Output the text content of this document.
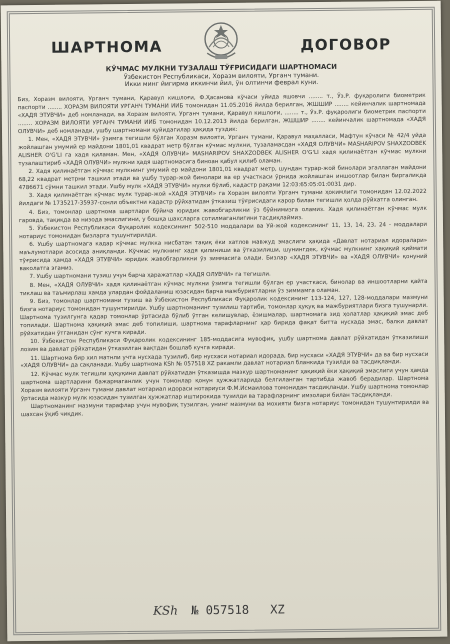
ШАРТНОМА	ДОГОВОР
КЎЧМАС МУЛКНИ ТУЗАЛАШ ТЎҒРИСИДАГИ ШАРТНОМАСИ
Ўзбекистон Республикаси, Хоразм вилояти, Урганч тумани.
Икки минг йигирма иккинчи йил, ўн олтинчи феврал куни.

Биз, Хоразм вилояти, Урганч тумани, Қаравул кишлоғи, Ф.Ҳасанова кўчаси уйида яшовчи ........ т., Ўз.Р. фуқаролиги биометрик паспорти ........ ХОРАЗМ ВИЛОЯТИ УРГАНЧ ТУМАНИ ИИБ томонидан 11.05.2016 йилда берилган, ЖШШИР ........ кейинчалик шартномада «ХАДЯ ЭТУВЧИ» деб номланади, ва Хоразм вилояти, Урганч тумани, Қаравул кишлоғи, ........ т., Ўз.Р. фуқаролиги биометрик паспорти ........ ХОРАЗМ ВИЛОЯТИ УРГАНЧ ТУМАНИ ИИБ томонидан 10.12.2013 йилда берилган, ЖШШИР ........ кейинчалик шартномада «ХАДЯ ОЛУВЧИ» деб номланади, ушбу шартномани қуйидагилар ҳақида туздик:

1. Мен, «ХАДЯ ЭТУВЧИ» ўзимга тегишли бўлган Хоразм вилояти, Урганч тумани, Қаравул маҳалласи, Мафтун кўчаси № 42/4 уйда жойлашган умумий ер майдони 1801,01 квадрат метр бўлган кўчмас мулкни, тузаламасдан «ХАДЯ ОЛУВЧИ» MASHARIPOV SHAXZODBEK ALISHER O'G'LI га хадя қиламан. Мен, «ХАДЯ ОЛУВЧИ» MASHARIPOV SHAXZODBEK ALISHER O'G'LI хадя қилинаётган кўчмас мулкни тузалаштириб «ХАДЯ ОЛУВЧИ» мулкни ҳадя шартномасига биноан қабул қилиб оламан.

2. Хадя қилинаётган кўчмас мулкнинг умумий ер майдони 1801,01 квадрат метр, шундан турар-жой бинолари эгаллаган майдони 68,22 квадрат метрни ташкил этади ва ушбу турар-жой бинолари ва ер участкаси ўрнида жойлашган иншоотлар билан биргаликда 4786671 сўмни ташкил этади. Ушбу мулк «ХАДЯ ЭТУВЧИ» мулки бўлиб, кадастр рақами 12:03:65:05:01:0031 дир.

3. Хадя қилинаётган кўчмас мулк турар-жой «ХАДЯ ЭТУВЧИ» га Хоразм вилояти Урганч тумани ҳокимлиги томонидан 12.02.2022 йилдаги № 1735217-35937-сонли объектни кадастр рўйхатидан ўтказиш тўғрисидаги карор билан тегишли ҳолда рўйхатга олинган.

4. Биз, томонлар шартнома шартлари бўйича юридик жавобгарликни ўз бўйнимизга оламиз. Хадя қилинаётган кўчмас мулк гаровда, тақиқда ва низода эмаслигини, у бошқа шахсларга сотилмаганлигини тасдиқлаймиз.

5. Ўзбекистон Республикаси Фуқаролик кодексининг 502-510 моддалари ва Уй-жой кодексининг 11, 13, 14, 23, 24 - моддалари нотариус томонидан бизларга тушунтирилди.

6. Ушбу шартномага кадар кўчмас мулкка нисбатан тақиқ ёки хатлов мавжуд эмаслиги ҳақида «Давлат нотариал идоралари» маълумотлари асосида аниқланди. Кўчмас мулкнинг хадя қилиниши ва ўтказилиши, шунингдек, кўчмас мулкнинг хақиқий қиймати тўғрисида ҳамда «ХАДЯ ЭТУВЧИ» юридик жавобгарликни ўз зиммасига олади. Бизлар «ХАДЯ ЭТУВЧИ» ва «ХАДЯ ОЛУВЧИ» қонуний ваколатга эгамиз.

7. Ушбу шартномани тузиш учун барча ҳаражатлар «ХАДЯ ОЛУВЧИ» га тегишли.

8. Мен, «ХАДЯ ОЛУВЧИ» хадя қилинаётган кўчмас мулкни ўзимга тегишли бўлган ер участкаси, бинолар ва иншоотларни қайта тиклаш ва таъмирлаш хамда улардан фойдаланиш юзасидан барча мажбуриятларни ўз зиммамга оламан.

9. Биз, томонлар шартномани тузиш ва Ўзбекистон Республикаси Фуқаролик кодексининг 113-124, 127, 128-моддалари мазмуни бизга нотариус томонидан тушунтирилди. Ушбу шартноманинг тузилиш тартиби, томонлар ҳуқуқ ва мажбуриятлари бизга тушунарли. Шартнома тузилгунга қадар томонлар ўртасида бўлиб ўтган келишувлар, ёзишмалар, шартномага зид ҳолатлар ҳақиқий эмас деб топилади. Шартнома ҳақиқий эмас деб топилиши, шартнома тарафларнинг ҳар бирида фақат битта нусхада эмас, балки давлат рўйхатидан ўтганидан сўнг кучга киради.

10. Ўзбекистон Республикаси Фуқаролик кодексининг 185-моддасига мувофиқ, ушбу шартнома давлат рўйхатидан ўтказилиши лозим ва давлат рўйхатидан ўтказилган вақтдан бошлаб кучга киради.

11. Шартнома бир хил матнли учта нусхада тузилиб, бир нусхаси нотариал идорада, бир нусхаси «ХАДЯ ЭТУВЧИ» да ва бир нусхаси «ХАДЯ ОЛУВЧИ» да сақланади. Ушбу шартнома KSh № 057518 XZ ракамли давлат нотариал бланкида тузилди ва тасдиқланди.

12. Кўчмас мулк тегишли ҳуқуқини давлат рўйхатидан ўтказишда мазкур шартноманинг ҳақиқий ёки ҳақиқий эмаслиги учун ҳамда шартнома шартларини бажармаганлик учун томонлар қонун ҳужжатларида белгиланган тартибда жавоб берадилар. Шартнома Хоразм вилояти Урганч тумани давлат нотариал идораси нотариуси Ф.М.Исмаилова томонидан тасдиқланди. Ушбу шартнома томонлар ўртасида мазкур мулк юзасидан тузилган ҳужжатлар иштирокида тузилди ва тарафларнинг имзолари билан тасдиқланди.

Шартноманинг мазмуни тарафлар учун мувофиқ тузилган, унинг мазмуни ва мохияти бизга нотариус томонидан тушунтирилди ва шахсан ўқиб чиқдик.

KSh № 057518 XZ
